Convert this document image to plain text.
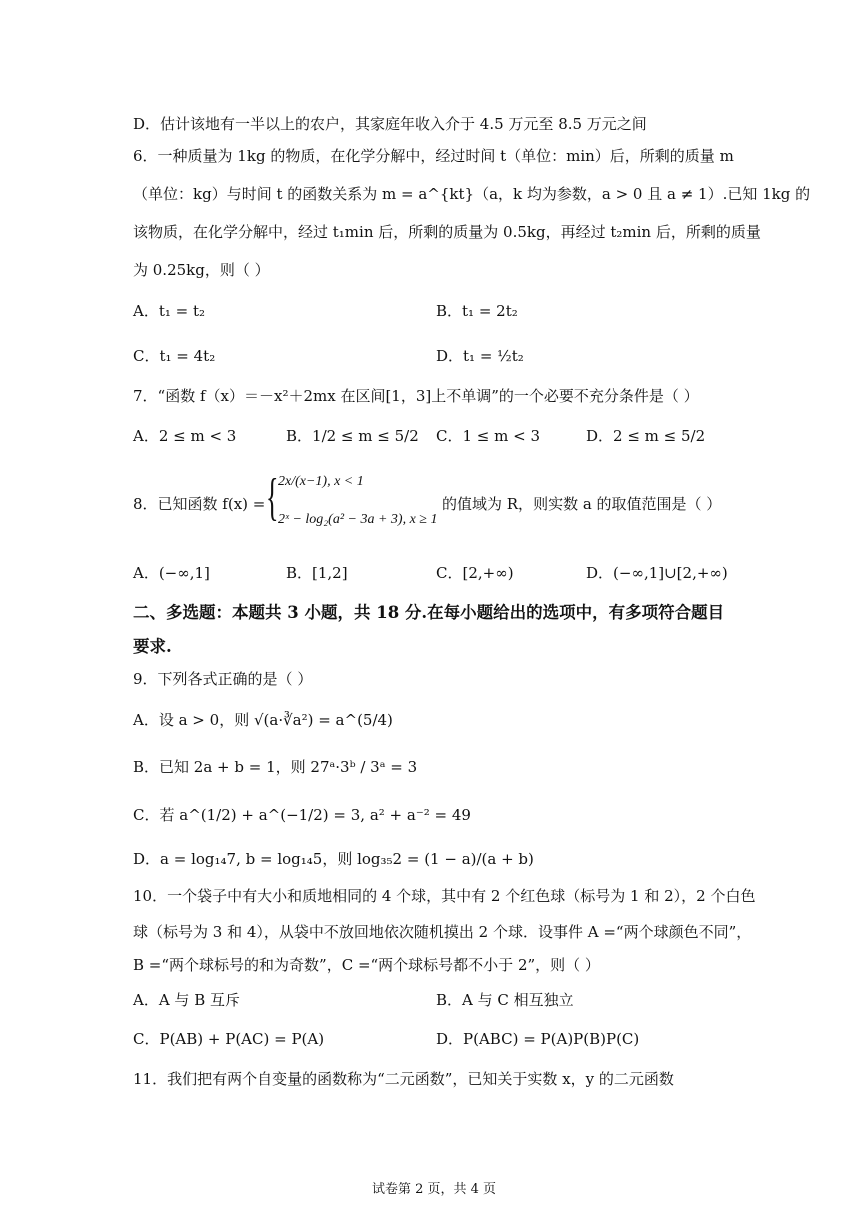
D．估计该地有一半以上的农户，其家庭年收入介于 4.5 万元至 8.5 万元之间
6．一种质量为 1kg 的物质，在化学分解中，经过时间 t（单位：min）后，所剩的质量 m
（单位：kg）与时间 t 的函数关系为 m = a^{kt}（a，k 均为参数，a > 0 且 a ≠ 1）.已知 1kg 的
该物质，在化学分解中，经过 t₁min 后，所剩的质量为 0.5kg，再经过 t₂min 后，所剩的质量
为 0.25kg，则（ ）
A．t₁ = t₂	B．t₁ = 2t₂
C．t₁ = 4t₂	D．t₁ = ½t₂
7．“函数 f（x）＝－x²＋2mx 在区间[1，3]上不单调”的一个必要不充分条件是（ ）
A．2 ≤ m < 3	B．1/2 ≤ m ≤ 5/2 C．1 ≤ m < 3	D．2 ≤ m ≤ 5/2
8．已知函数 f(x) = { 2x/(x−1), x < 1
2ˣ − log₂(a² − 3a + 3), x ≥ 1
的值域为 R，则实数 a 的取值范围是（ ）
A．(−∞,1]	B．[1,2]	C．[2,+∞)	D．(−∞,1]∪[2,+∞)
二、多选题：本题共 3 小题，共 18 分.在每小题给出的选项中，有多项符合题目
要求.
9．下列各式正确的是（ ）
A．设 a > 0，则 √(a·∛a²) = a^(5/4)
B．已知 2a + b = 1，则 27ᵃ·3ᵇ / 3ᵃ = 3
C．若 a^(1/2) + a^(−1/2) = 3, a² + a⁻² = 49
D．a = log₁₄7, b = log₁₄5，则 log₃₅2 = (1 − a)/(a + b)
10．一个袋子中有大小和质地相同的 4 个球，其中有 2 个红色球（标号为 1 和 2），2 个白色
球（标号为 3 和 4），从袋中不放回地依次随机摸出 2 个球．设事件 A =“两个球颜色不同”，
B =“两个球标号的和为奇数”，C =“两个球标号都不小于 2”，则（ ）
A．A 与 B 互斥	B．A 与 C 相互独立
C．P(AB) + P(AC) = P(A)	D．P(ABC) = P(A)P(B)P(C)
11．我们把有两个自变量的函数称为“二元函数”，已知关于实数 x，y 的二元函数
试卷第 2 页，共 4 页
